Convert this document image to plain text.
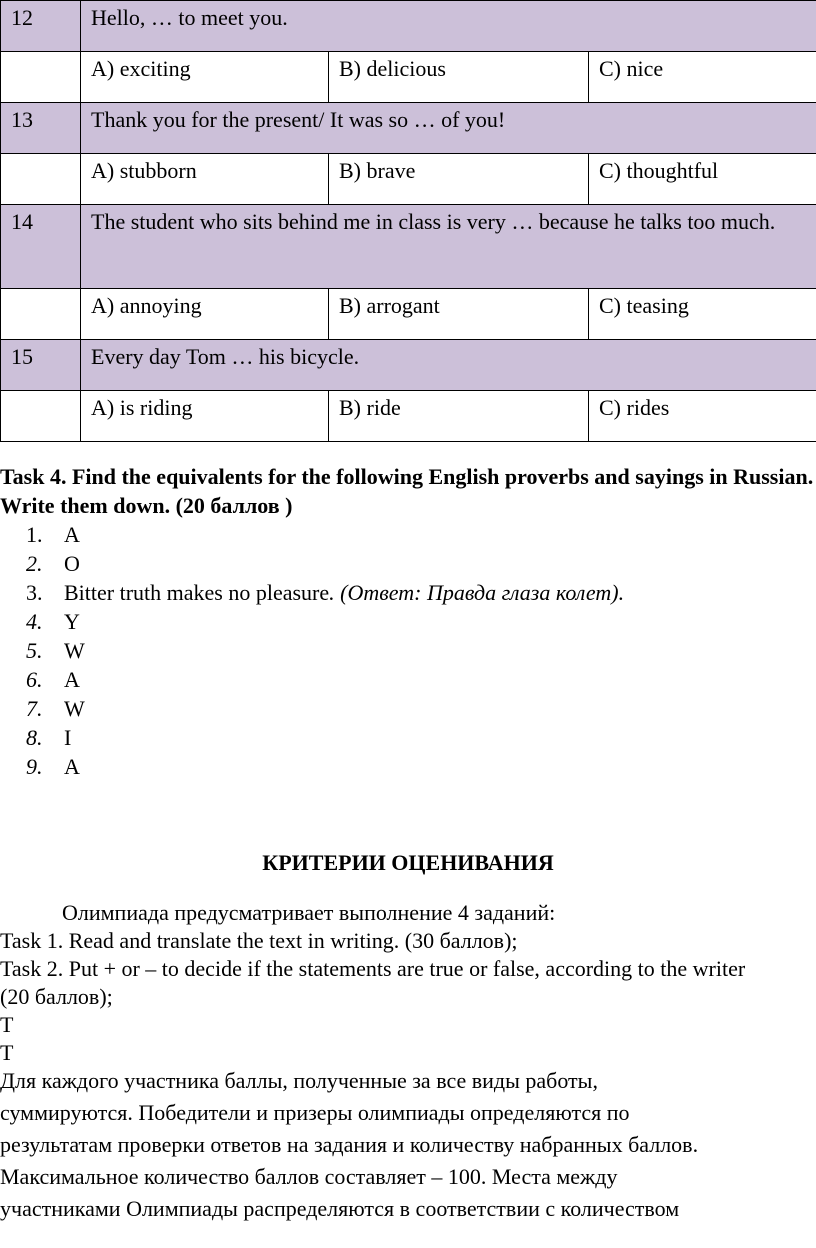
12	Hello, … to meet you.		
	A) exciting	B) delicious	C) nice
13	Thank you for the present/ It was so … of you!		
	A) stubborn	B) brave	C) thoughtful
14	The student who sits behind me in class is very … because he talks too much.		
	A) annoying	B) arrogant	C) teasing
15	Every day Tom … his bicycle.		
	A) is riding	B) ride	C) rides
Task 4. Find the equivalents for the following English proverbs and sayings in Russian. Write them down. (20 баллов )
1. A
2. O
3. Bitter truth makes no pleasure. (Ответ: Правда глаза колет).
4. Y
5. W
6. A
7. W
8. I
9. A
КРИТЕРИИ ОЦЕНИВАНИЯ
Олимпиада предусматривает выполнение 4 заданий:
Task 1. Read and translate the text in writing. (30 баллов);
Task 2. Put + or – to decide if the statements are true or false, according to the writer
(20 баллов);
T
T
Для каждого участника баллы, полученные за все виды работы,
суммируются. Победители и призеры олимпиады определяются по
результатам проверки ответов на задания и количеству набранных баллов.
Максимальное количество баллов составляет – 100. Места между
участниками Олимпиады распределяются в соответствии с количеством
